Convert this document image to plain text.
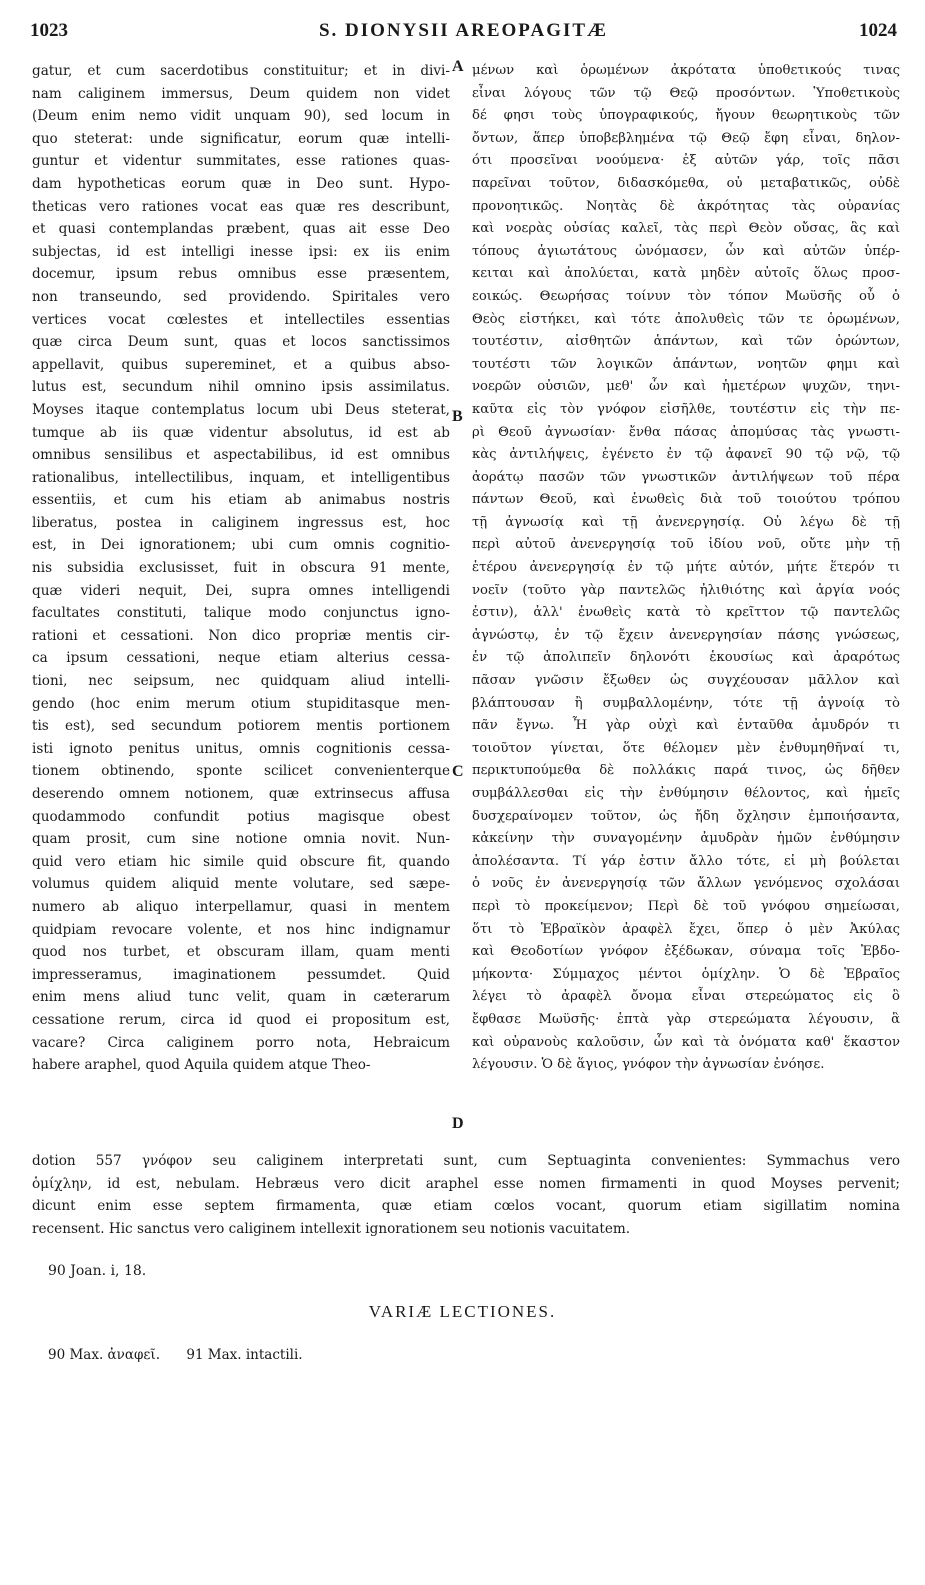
1023	S. DIONYSII AREOPAGITÆ	1024
gatur, et cum sacerdotibus constituitur; et in divi-
nam caliginem immersus, Deum quidem non videt
(Deum enim nemo vidit unquam 90), sed locum in
quo steterat: unde significatur, eorum quæ intelli-
guntur et videntur summitates, esse rationes quas-
dam hypotheticas eorum quæ in Deo sunt. Hypo-
theticas vero rationes vocat eas quæ res describunt,
et quasi contemplandas præbent, quas ait esse Deo
subjectas, id est intelligi inesse ipsi: ex iis enim
docemur, ipsum rebus omnibus esse præsentem,
non transeundo, sed providendo. Spiritales vero
vertices vocat cœlestes et intellectiles essentias
quæ circa Deum sunt, quas et locos sanctissimos
appellavit, quibus supereminet, et a quibus abso-
lutus est, secundum nihil omnino ipsis assimilatus.
Moyses itaque contemplatus locum ubi Deus steterat,
tumque ab iis quæ videntur absolutus, id est ab
omnibus sensilibus et aspectabilibus, id est omnibus
rationalibus, intellectilibus, inquam, et intelligentibus
essentiis, et cum his etiam ab animabus nostris
liberatus, postea in caliginem ingressus est, hoc
est, in Dei ignorationem; ubi cum omnis cognitio-
nis subsidia exclusisset, fuit in obscura 91 mente,
quæ videri nequit, Dei, supra omnes intelligendi
facultates constituti, talique modo conjunctus igno-
rationi et cessationi. Non dico propriæ mentis cir-
ca ipsum cessationi, neque etiam alterius cessa-
tioni, nec seipsum, nec quidquam aliud intelli-
gendo (hoc enim merum otium stupiditasque men-
tis est), sed secundum potiorem mentis portionem
isti ignoto penitus unitus, omnis cognitionis cessa-
tionem obtinendo, sponte scilicet convenienterque
deserendo omnem notionem, quæ extrinsecus affusa
quodammodo confundit potius magisque obest
quam prosit, cum sine notione omnia novit. Nun-
quid vero etiam hic simile quid obscure fit, quando
volumus quidem aliquid mente volutare, sed sæpe-
numero ab aliquo interpellamur, quasi in mentem
quidpiam revocare volente, et nos hinc indignamur
quod nos turbet, et obscuram illam, quam menti
impresseramus, imaginationem pessumdet. Quid
enim mens aliud tunc velit, quam in cæterarum
cessatione rerum, circa id quod ei propositum est,
vacare? Circa caliginem porro nota, Hebraicum
habere araphel, quod Aquila quidem atque Theo-
μένων καὶ ὁρωμένων ἀκρότατα ὑποθετικούς τινας
εἶναι λόγους τῶν τῷ Θεῷ προσόντων. Ὑποθετικοὺς
δέ φησι τοὺς ὑπογραφικούς, ἤγουν θεωρητικοὺς τῶν
ὄντων, ἅπερ ὑποβεβλημένα τῷ Θεῷ ἔφη εἶναι, δηλον-
ότι προσεῖναι νοούμενα· ἐξ αὐτῶν γάρ, τοῖς πᾶσι
παρεῖναι τοῦτον, διδασκόμεθα, οὐ μεταβατικῶς, οὐδὲ
προνοητικῶς. Νοητὰς δὲ ἀκρότητας τὰς οὐρανίας
καὶ νοερὰς οὐσίας καλεῖ, τὰς περὶ Θεὸν οὔσας, ἃς καὶ
τόπους ἁγιωτάτους ὠνόμασεν, ὧν καὶ αὐτῶν ὑπέρ-
κειται καὶ ἀπολύεται, κατὰ μηδὲν αὐτοῖς ὅλως προσ-
εοικώς. Θεωρήσας τοίνυν τὸν τόπον Μωϋσῆς οὗ ὁ
Θεὸς εἱστήκει, καὶ τότε ἀπολυθεὶς τῶν τε ὁρωμένων,
τουτέστιν, αἰσθητῶν ἁπάντων, καὶ τῶν ὁρώντων,
τουτέστι τῶν λογικῶν ἁπάντων, νοητῶν φημι καὶ
νοερῶν οὐσιῶν, μεθ' ὧν καὶ ἡμετέρων ψυχῶν, τηνι-
καῦτα εἰς τὸν γνόφον εἰσῆλθε, τουτέστιν εἰς τὴν πε-
ρὶ Θεοῦ ἀγνωσίαν· ἔνθα πάσας ἀπομύσας τὰς γνωστι-
κὰς ἀντιλήψεις, ἐγένετο ἐν τῷ ἀφανεῖ 90 τῷ νῷ, τῷ
ἀοράτῳ πασῶν τῶν γνωστικῶν ἀντιλήψεων τοῦ πέρα
πάντων Θεοῦ, καὶ ἑνωθεὶς διὰ τοῦ τοιούτου τρόπου
τῇ ἀγνωσίᾳ καὶ τῇ ἀνενεργησίᾳ. Οὐ λέγω δὲ τῇ
περὶ αὐτοῦ ἀνενεργησίᾳ τοῦ ἰδίου νοῦ, οὔτε μὴν τῇ
ἑτέρου ἀνενεργησίᾳ ἐν τῷ μήτε αὐτόν, μήτε ἕτερόν τι
νοεῖν (τοῦτο γὰρ παντελῶς ἠλιθιότης καὶ ἀργία νοός
ἐστιν), ἀλλ' ἑνωθεὶς κατὰ τὸ κρεῖττον τῷ παντελῶς
ἀγνώστῳ, ἐν τῷ ἔχειν ἀνενεργησίαν πάσης γνώσεως,
ἐν τῷ ἀπολιπεῖν δηλονότι ἑκουσίως καὶ ἀραρότως
πᾶσαν γνῶσιν ἔξωθεν ὡς συγχέουσαν μᾶλλον καὶ
βλάπτουσαν ἢ συμβαλλομένην, τότε τῇ ἀγνοίᾳ τὸ
πᾶν ἔγνω. Ἦ γὰρ οὐχὶ καὶ ἐνταῦθα ἀμυδρόν τι
τοιοῦτον γίνεται, ὅτε θέλομεν μὲν ἐνθυμηθῆναί τι,
περικτυπούμεθα δὲ πολλάκις παρά τινος, ὡς δῆθεν
συμβάλλεσθαι εἰς τὴν ἐνθύμησιν θέλοντος, καὶ ἡμεῖς
δυσχεραίνομεν τοῦτον, ὡς ἤδη ὄχλησιν ἐμποιήσαντα,
κἀκείνην τὴν συναγομένην ἀμυδρὰν ἡμῶν ἐνθύμησιν
ἀπολέσαντα. Τί γάρ ἐστιν ἄλλο τότε, εἰ μὴ βούλεται
ὁ νοῦς ἐν ἀνενεργησίᾳ τῶν ἄλλων γενόμενος σχολάσαι
περὶ τὸ προκείμενον; Περὶ δὲ τοῦ γνόφου σημείωσαι,
ὅτι τὸ Ἑβραϊκὸν ἀραφὲλ ἔχει, ὅπερ ὁ μὲν Ἀκύλας
καὶ Θεοδοτίων γνόφον ἐξέδωκαν, σύναμα τοῖς Ἑβδο-
μήκοντα· Σύμμαχος μέντοι ὁμίχλην. Ὁ δὲ Ἑβραῖος
λέγει τὸ ἀραφὲλ ὄνομα εἶναι στερεώματος εἰς ὃ
ἔφθασε Μωϋσῆς· ἑπτὰ γὰρ στερεώματα λέγουσιν, ἃ
καὶ οὐρανοὺς καλοῦσιν, ὧν καὶ τὰ ὀνόματα καθ' ἕκαστον
λέγουσιν. Ὁ δὲ ἅγιος, γνόφον τὴν ἀγνωσίαν ἐνόησε.
A
B
C
D
dotion 557 γνόφον seu caliginem interpretati sunt, cum Septuaginta convenientes: Symmachus vero
ὁμίχλην, id est, nebulam. Hebræus vero dicit araphel esse nomen firmamenti in quod Moyses pervenit;
dicunt enim esse septem firmamenta, quæ etiam cœlos vocant, quorum etiam sigillatim nomina
recensent. Hic sanctus vero caliginem intellexit ignorationem seu notionis vacuitatem.
90 Joan. i, 18.
VARIÆ LECTIONES.
90 Max. ἀναφεῖ. 91 Max. intactili.
